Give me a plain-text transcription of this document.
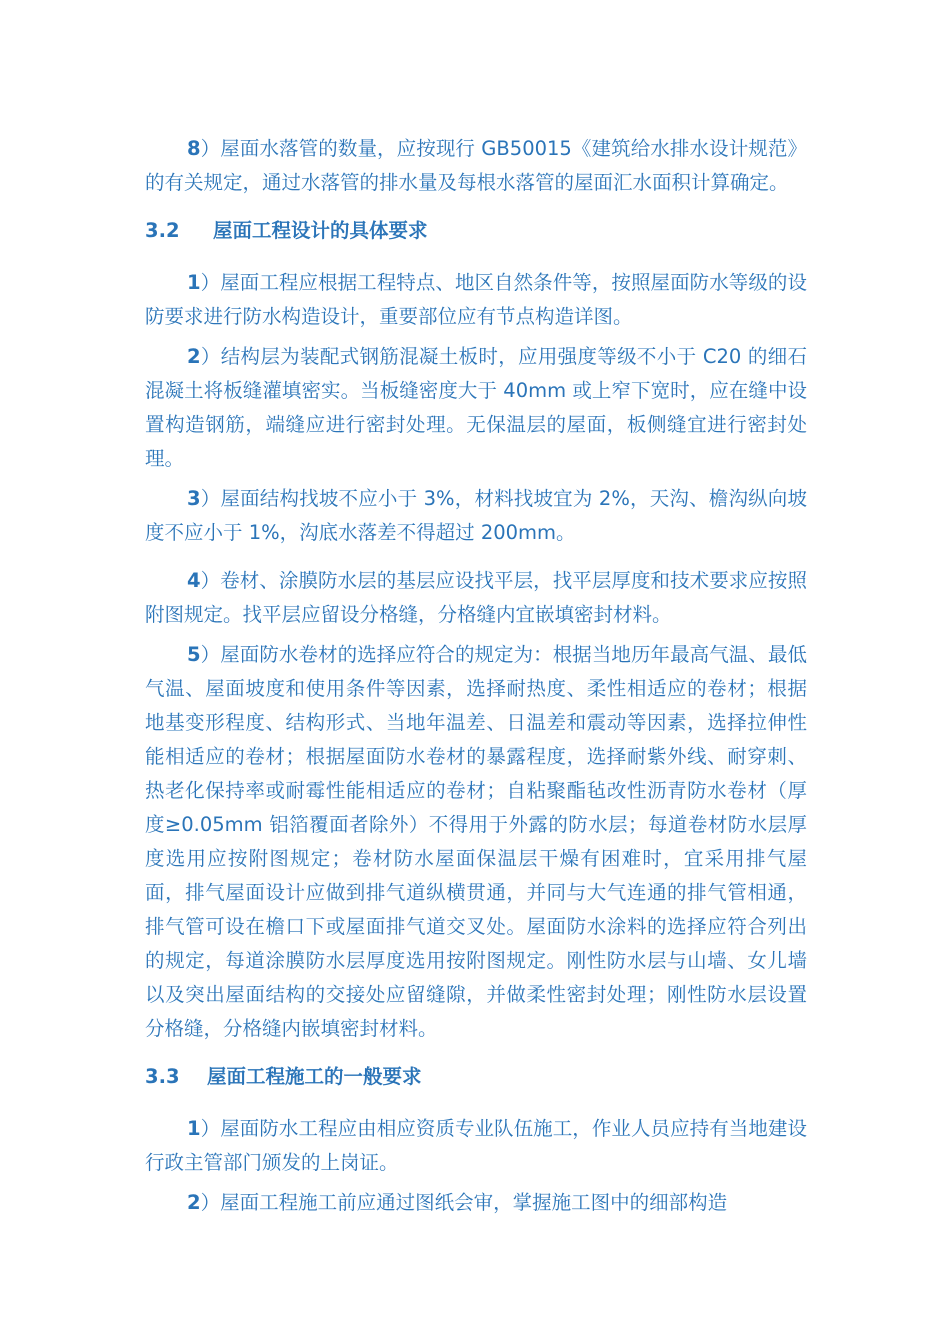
8）屋面水落管的数量，应按现行 GB50015《建筑给水排水设计规范》的有关规定，通过水落管的排水量及每根水落管的屋面汇水面积计算确定。

3.2 屋面工程设计的具体要求

1）屋面工程应根据工程特点、地区自然条件等，按照屋面防水等级的设防要求进行防水构造设计，重要部位应有节点构造详图。

2）结构层为装配式钢筋混凝土板时，应用强度等级不小于 C20 的细石混凝土将板缝灌填密实。当板缝密度大于 40mm 或上窄下宽时，应在缝中设置构造钢筋，端缝应进行密封处理。无保温层的屋面，板侧缝宜进行密封处理。

3）屋面结构找坡不应小于 3%，材料找坡宜为 2%，天沟、檐沟纵向坡度不应小于 1%，沟底水落差不得超过 200mm。

4）卷材、涂膜防水层的基层应设找平层，找平层厚度和技术要求应按照附图规定。找平层应留设分格缝，分格缝内宜嵌填密封材料。

5）屋面防水卷材的选择应符合的规定为：根据当地历年最高气温、最低气温、屋面坡度和使用条件等因素，选择耐热度、柔性相适应的卷材；根据地基变形程度、结构形式、当地年温差、日温差和震动等因素，选择拉伸性能相适应的卷材；根据屋面防水卷材的暴露程度，选择耐紫外线、耐穿刺、热老化保持率或耐霉性能相适应的卷材；自粘聚酯毡改性沥青防水卷材（厚度≥0.05mm 铝箔覆面者除外）不得用于外露的防水层；每道卷材防水层厚度选用应按附图规定；卷材防水屋面保温层干燥有困难时，宜采用排气屋面，排气屋面设计应做到排气道纵横贯通，并同与大气连通的排气管相通，排气管可设在檐口下或屋面排气道交叉处。屋面防水涂料的选择应符合列出的规定，每道涂膜防水层厚度选用按附图规定。刚性防水层与山墙、女儿墙以及突出屋面结构的交接处应留缝隙，并做柔性密封处理；刚性防水层设置分格缝，分格缝内嵌填密封材料。

3.3 屋面工程施工的一般要求

1）屋面防水工程应由相应资质专业队伍施工，作业人员应持有当地建设行政主管部门颁发的上岗证。

2）屋面工程施工前应通过图纸会审，掌握施工图中的细部构造
